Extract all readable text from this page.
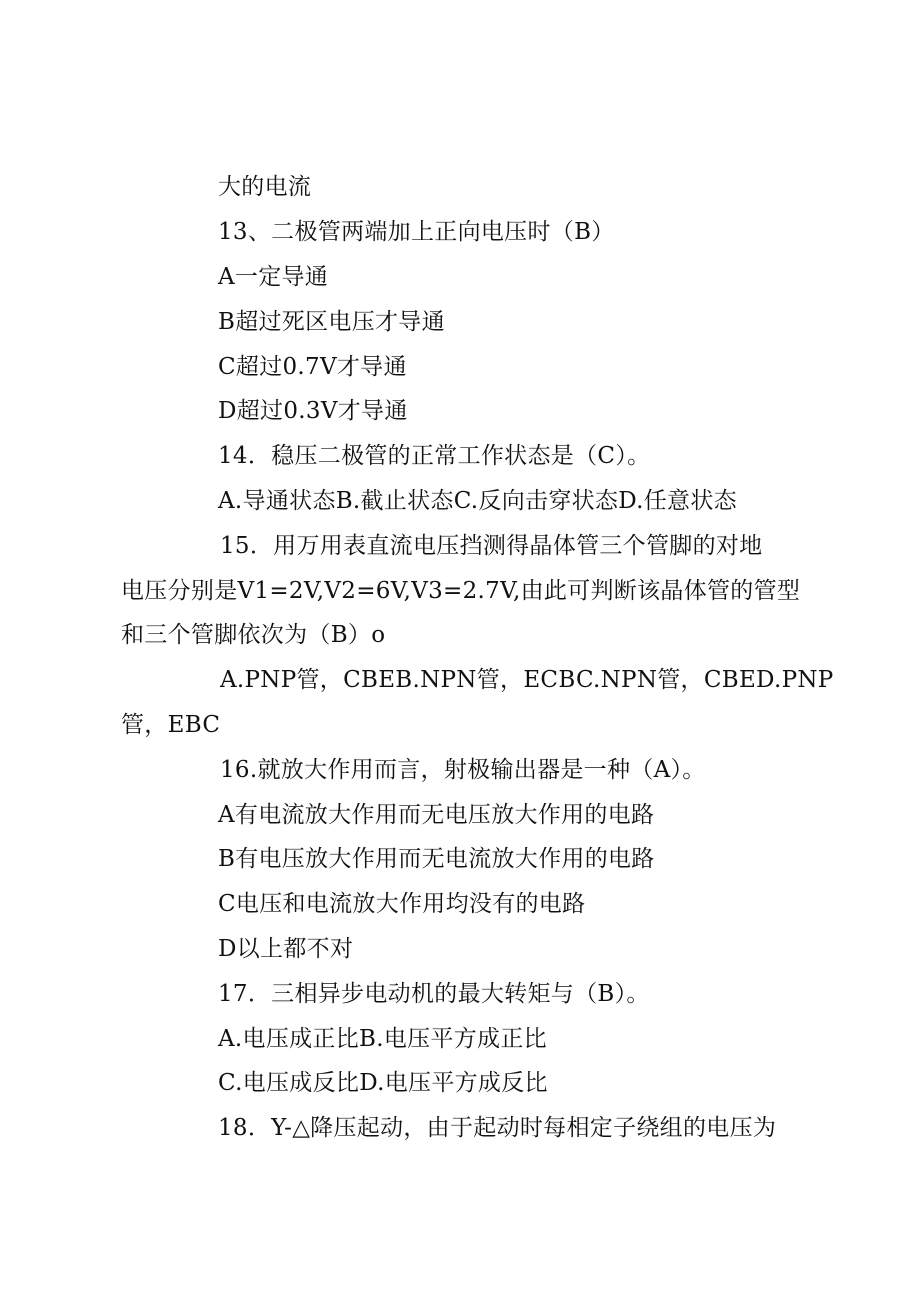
大的电流
13、二极管两端加上正向电压时（B）
A一定导通
B超过死区电压才导通
C超过0.7V才导通
D超过0.3V才导通
14．稳压二极管的正常工作状态是（C）。
A.导通状态B.截止状态C.反向击穿状态D.任意状态
15．用万用表直流电压挡测得晶体管三个管脚的对地
电压分别是V1=2V,V2=6V,V3=2.7V,由此可判断该晶体管的管型
和三个管脚依次为（B）o
A.PNP管，CBEB.NPN管，ECBC.NPN管，CBED.PNP
管，EBC
16.就放大作用而言，射极输出器是一种（A）。
A有电流放大作用而无电压放大作用的电路
B有电压放大作用而无电流放大作用的电路
C电压和电流放大作用均没有的电路
D以上都不对
17．三相异步电动机的最大转矩与（B）。
A.电压成正比B.电压平方成正比
C.电压成反比D.电压平方成反比
18．Y-△降压起动，由于起动时每相定子绕组的电压为
